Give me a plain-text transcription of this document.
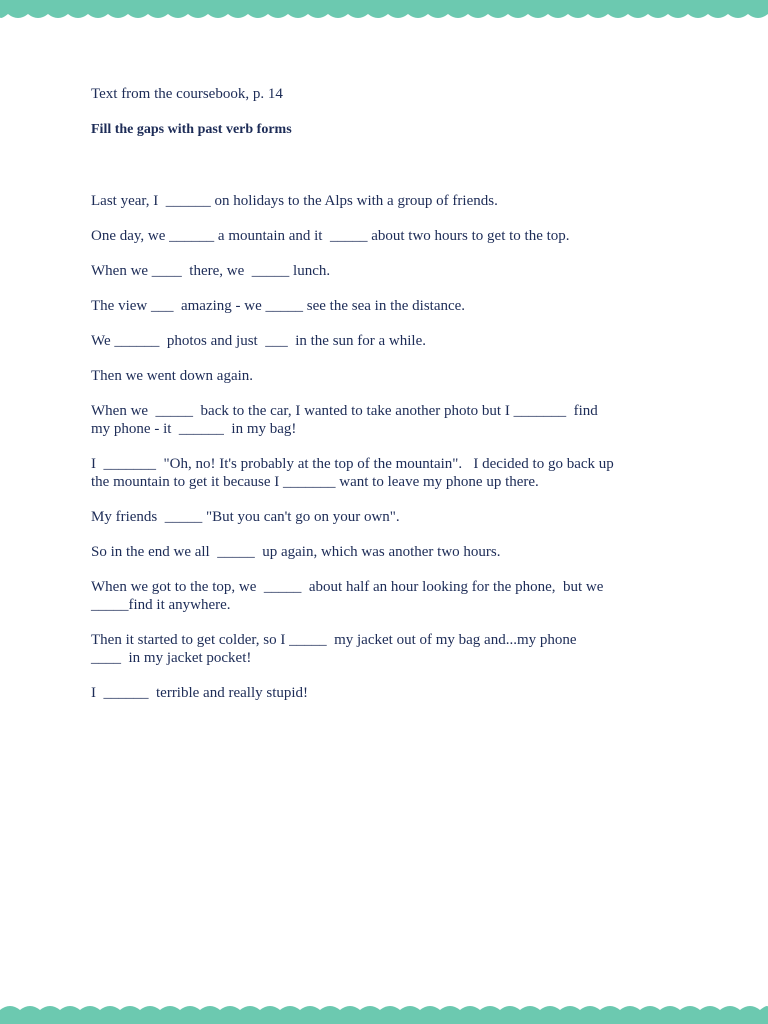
Text from the coursebook, p. 14

Fill the gaps with past verb forms

Last year, I  ______ on holidays to the Alps with a group of friends.

One day, we ______ a mountain and it  _____ about two hours to get to the top.

When we ____  there, we  _____ lunch.

The view ___  amazing - we _____ see the sea in the distance.

We ______  photos and just  ___  in the sun for a while.

Then we went down again.

When we  _____  back to the car, I wanted to take another photo but I _______  find
my phone - it  ______  in my bag!

I  _______  "Oh, no! It's probably at the top of the mountain".   I decided to go back up
the mountain to get it because I _______ want to leave my phone up there.

My friends  _____ "But you can't go on your own".

So in the end we all  _____  up again, which was another two hours.

When we got to the top, we  _____  about half an hour looking for the phone,  but we
_____find it anywhere.

Then it started to get colder, so I _____  my jacket out of my bag and...my phone
____  in my jacket pocket!

I  ______  terrible and really stupid!
